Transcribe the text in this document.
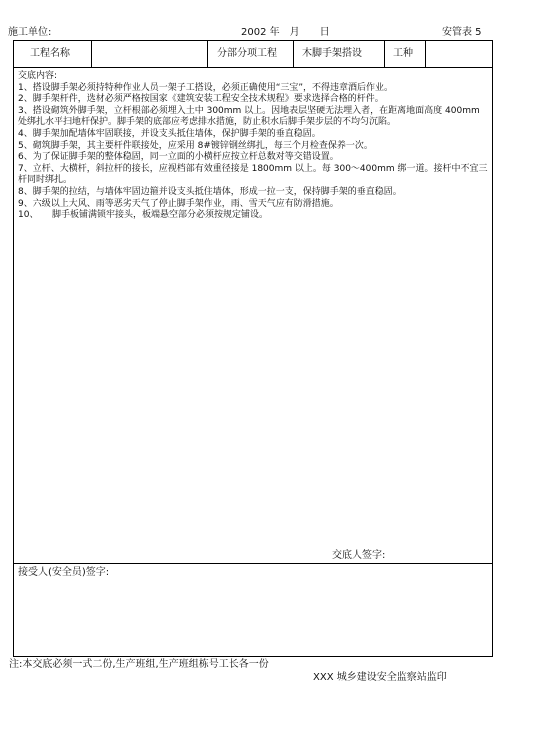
施工单位:	2002 年　月　　日	安管表 5
工程名称	分部分项工程	木脚手架搭设	工种
交底内容:
1、搭设脚手架必须持特种作业人员一架子工搭设，必须正确使用“三宝”，不得违章酒后作业。
2、脚手架杆件，选材必须严格按国家《建筑安装工程安全技术规程》要求选择合格的杆件。
3、搭设砌筑外脚手架，立杆根部必须埋入土中 300mm 以上。因地表层坚硬无法埋入者，在距离地面高度 400mm 处绑扎水平扫地杆保护。脚手架的底部应考虑排水措施，防止积水后脚手架步层的不均匀沉陷。
4、脚手架加配墙体牢固联接，并设支头抵住墙体，保护脚手架的垂直稳固。
5、砌筑脚手架，其主要杆件联接处，应采用 8#镀锌钢丝绑扎，每三个月检查保养一次。
6、为了保证脚手架的整体稳固，同一立面的小横杆应按立杆总数对等交错设置。
7、立杆、大横杆，斜拉杆的接长，应视档部有效重径接是 1800mm 以上。每 300～400mm 绑一道。接杆中不宜三杆同时绑扎。
8、脚手架的拉结，与墙体牢固边箍并设支头抵住墙体，形成一拉一支，保持脚手架的垂直稳固。
9、六级以上大风、雨等恶劣天气了停止脚手架作业，雨、雪天气应有防滑措施。
10、　　脚手板铺满锁牢接头，板端悬空部分必须按规定铺设。
交底人签字:
接受人(安全员)签字:
注:本交底必须一式二份,生产班组,生产班组栋号工长各一份
XXX 城乡建设安全监察站监印
